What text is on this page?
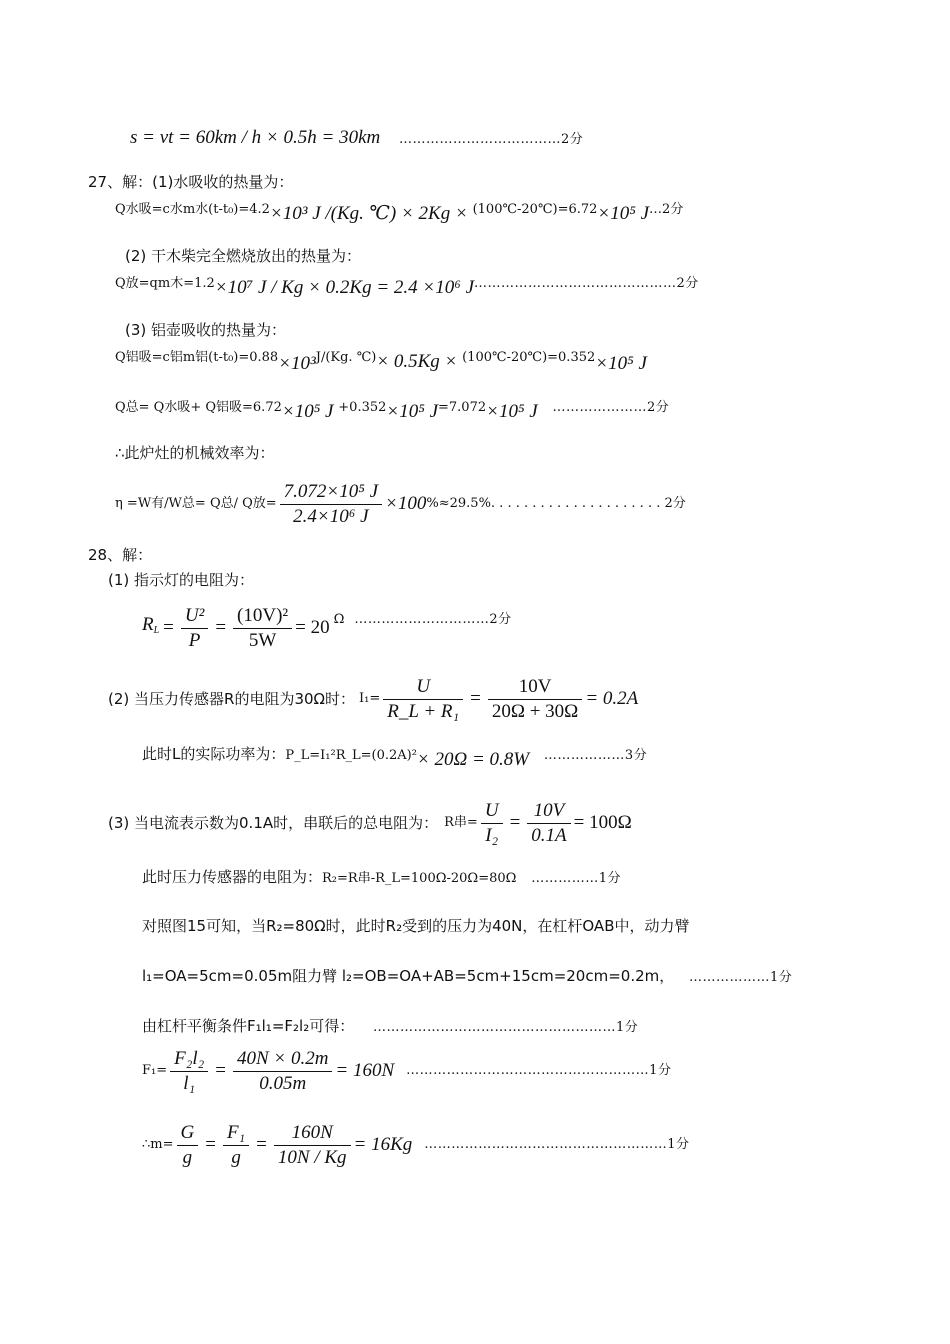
s = vt = 60km / h × 0.5h = 30km ………………………………2分
27、解：(1)水吸收的热量为：
Q水吸=c水m水(t-t₀)=4.2×10³ J /(Kg. ℃) × 2Kg × (100℃-20℃)=6.72×10⁵ J…2分
(2) 干木柴完全燃烧放出的热量为：
Q放=qm木=1.2×10⁷ J / Kg × 0.2Kg = 2.4 ×10⁶ J………………………………………2分
(3) 铝壶吸收的热量为：
Q铝吸=c铝m铝(t-t₀)=0.88×10³J/(Kg. ℃)× 0.5Kg × (100℃-20℃)=0.352×10⁵ J
Q总= Q水吸+ Q铝吸=6.72×10⁵ J +0.352×10⁵ J=7.072×10⁵ J …………………2分
∴此炉灶的机械效率为：
η =W有/W总= Q总/ Q放= $\frac{\text{7.072×10⁵ J}}{\text{2.4×10⁶ J}} \times 100$ %≈29.5%. . . . . . . . . . . . . . . . . . . . . 2分
28、解：
(1) 指示灯的电阻为：
$R_L = \frac{\text{U²}}{P} = \frac{\text{(10V)²}}{5W} = 20$ Ω …………………………2分
(2) 当压力传感器R的电阻为30Ω时： $I_1= \frac{U}{\text{R\_L + R₁}} = \frac{10V}{20\Omega + 30\Omega} = 0.2A$
此时L的实际功率为：P_L=I₁²R_L=(0.2A)²× 20Ω = 0.8W ………………3分
(3) 当电流表示数为0.1A时，串联后的总电阻为： R串= $\frac{U}{\text{I₂}} = \frac{10V}{0.1A} = 100\Omega$
此时压力传感器的电阻为：R₂=R串-R_L=100Ω-20Ω=80Ω ……………1分
对照图15可知，当R₂=80Ω时，此时R₂受到的压力为40N，在杠杆OAB中，动力臂
l₁=OA=5cm=0.05m阻力臂 l₂=OB=OA+AB=5cm+15cm=20cm=0.2m， ………………1分
由杠杆平衡条件F₁l₁=F₂l₂可得： ………………………………………………1分
$F_1= \frac{\text{F₂l₂}}{\text{l₁}} = \frac{40N \times 0.2m}{0.05m} = 160N$ ………………………………………………1分
∴m= $\frac{G}{g} = \frac{\text{F₁}}{g} = \frac{160N}{10N / Kg} = 16Kg$ ………………………………………………1分
